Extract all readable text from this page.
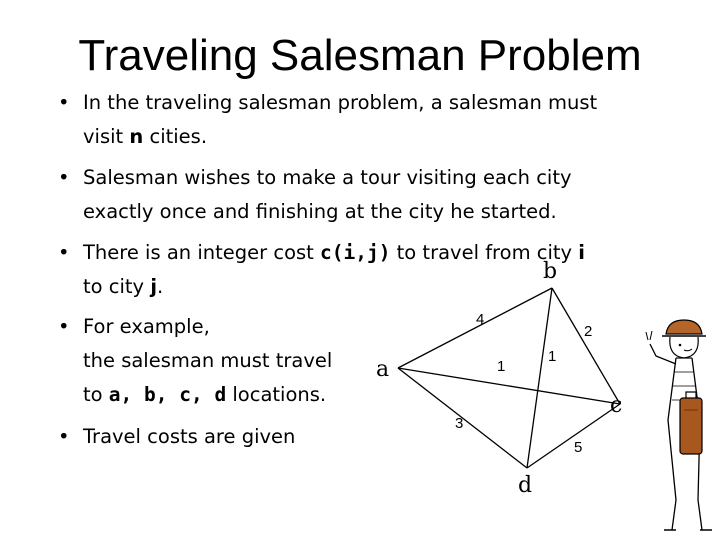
Traveling Salesman Problem
• In the traveling salesman problem, a salesman must
visit n cities.
• Salesman wishes to make a tour visiting each city
exactly once and finishing at the city he started.
• There is an integer cost c(i,j) to travel from city i
to city j.
• For example,
the salesman must travel
to a, b, c, d locations.
• Travel costs are given
a
b
c
d
4
2
1
1
3
5
